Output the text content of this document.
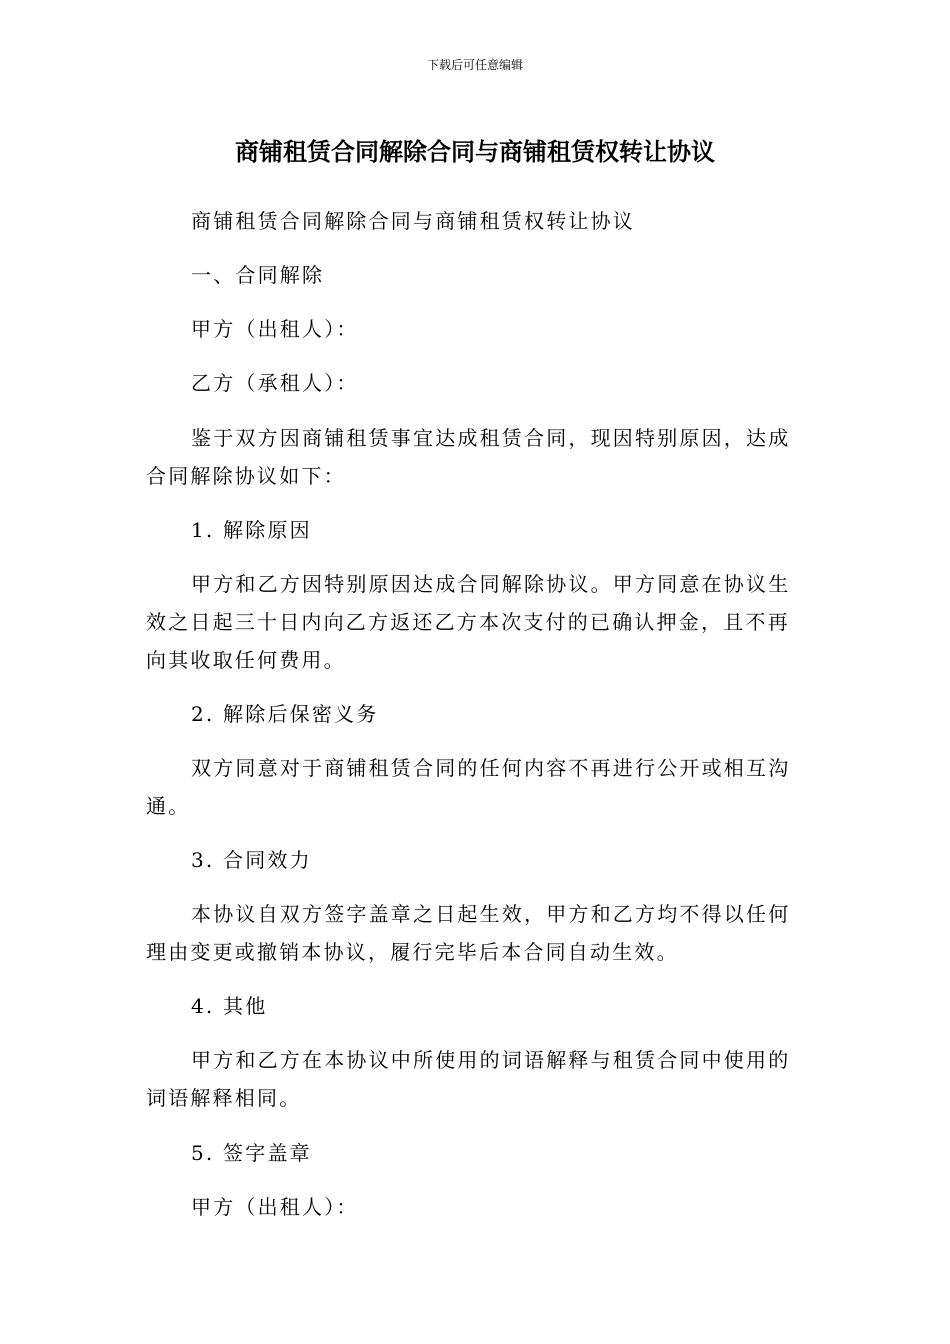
下载后可任意编辑
商铺租赁合同解除合同与商铺租赁权转让协议

商铺租赁合同解除合同与商铺租赁权转让协议

一、合同解除

甲方（出租人）：

乙方（承租人）：

鉴于双方因商铺租赁事宜达成租赁合同，现因特别原因，达成合同解除协议如下：

1. 解除原因

甲方和乙方因特别原因达成合同解除协议。甲方同意在协议生效之日起三十日内向乙方返还乙方本次支付的已确认押金，且不再向其收取任何费用。

2. 解除后保密义务

双方同意对于商铺租赁合同的任何内容不再进行公开或相互沟通。

3. 合同效力

本协议自双方签字盖章之日起生效，甲方和乙方均不得以任何理由变更或撤销本协议，履行完毕后本合同自动生效。

4. 其他

甲方和乙方在本协议中所使用的词语解释与租赁合同中使用的词语解释相同。

5. 签字盖章

甲方（出租人）：
